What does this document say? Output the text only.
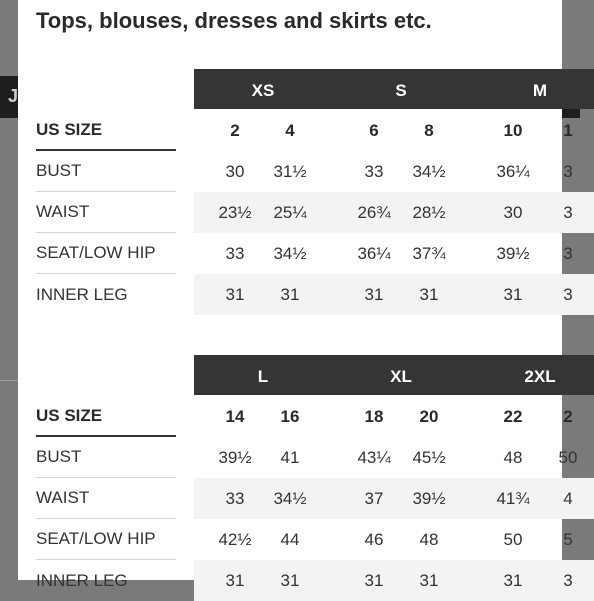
J
Tops, blouses, dresses and skirts etc.
XS	S	M
US SIZE	2	4	6	8	10	1
BUST	30	31½	33	34½	36¼	3
WAIST	23½	25¼	26¾	28½	30	3
SEAT/LOW HIP	33	34½	36¼	37¾	39½	3
INNER LEG	31	31	31	31	31	3
L	XL	2XL
US SIZE	14	16	18	20	22	2
BUST	39½	41	43¼	45½	48	50
WAIST	33	34½	37	39½	41¾	4
SEAT/LOW HIP	42½	44	46	48	50	5
INNER LEG	31	31	31	31	31	3
